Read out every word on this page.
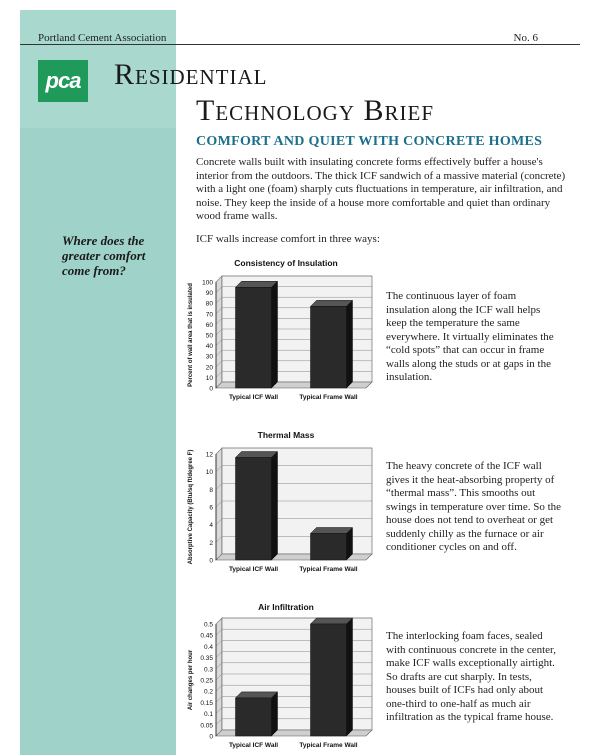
Portland Cement Association	No. 6
pca Residential
Technology Brief
COMFORT AND QUIET WITH CONCRETE HOMES
Concrete walls built with insulating concrete forms effectively buffer a house's interior from the outdoors. The thick ICF sandwich of a massive material (concrete) with a light one (foam) sharply cuts fluctuations in temperature, air infiltration, and noise. They keep the inside of a house more comfortable and quiet than ordinary wood frame walls.
Where does the greater comfort come from?
ICF walls increase comfort in three ways:
Consistency of Insulation
0
10
20
30
40
50
60
70
80
90
100
Typical ICF Wall	Typical Frame Wall
Percent of wall area that is insulated	The continuous layer of foam insulation along the ICF wall helps keep the temperature the same everywhere. It virtually eliminates the “cold spots” that can occur in frame walls along the studs or at gaps in the insulation.
Thermal Mass
0
2
4
6
8
10
12
Typical ICF Wall	Typical Frame Wall
Absorptive Capacity (Btu/sq ft/degree F)	The heavy concrete of the ICF wall gives it the heat-absorbing property of “thermal mass”. This smooths out swings in temperature over time. So the house does not tend to overheat or get suddenly chilly as the furnace or air conditioner cycles on and off.
Air Infiltration
0
0.05
0.1
0.15
0.2
0.25
0.3
0.35
0.4
0.45
0.5
Typical ICF Wall	Typical Frame Wall
Air changes per hour
The interlocking foam faces, sealed with continuous concrete in the center, make ICF walls exceptionally airtight. So drafts are cut sharply. In tests, houses built of ICFs had only about one-third to one-half as much air infiltration as the typical frame house.
